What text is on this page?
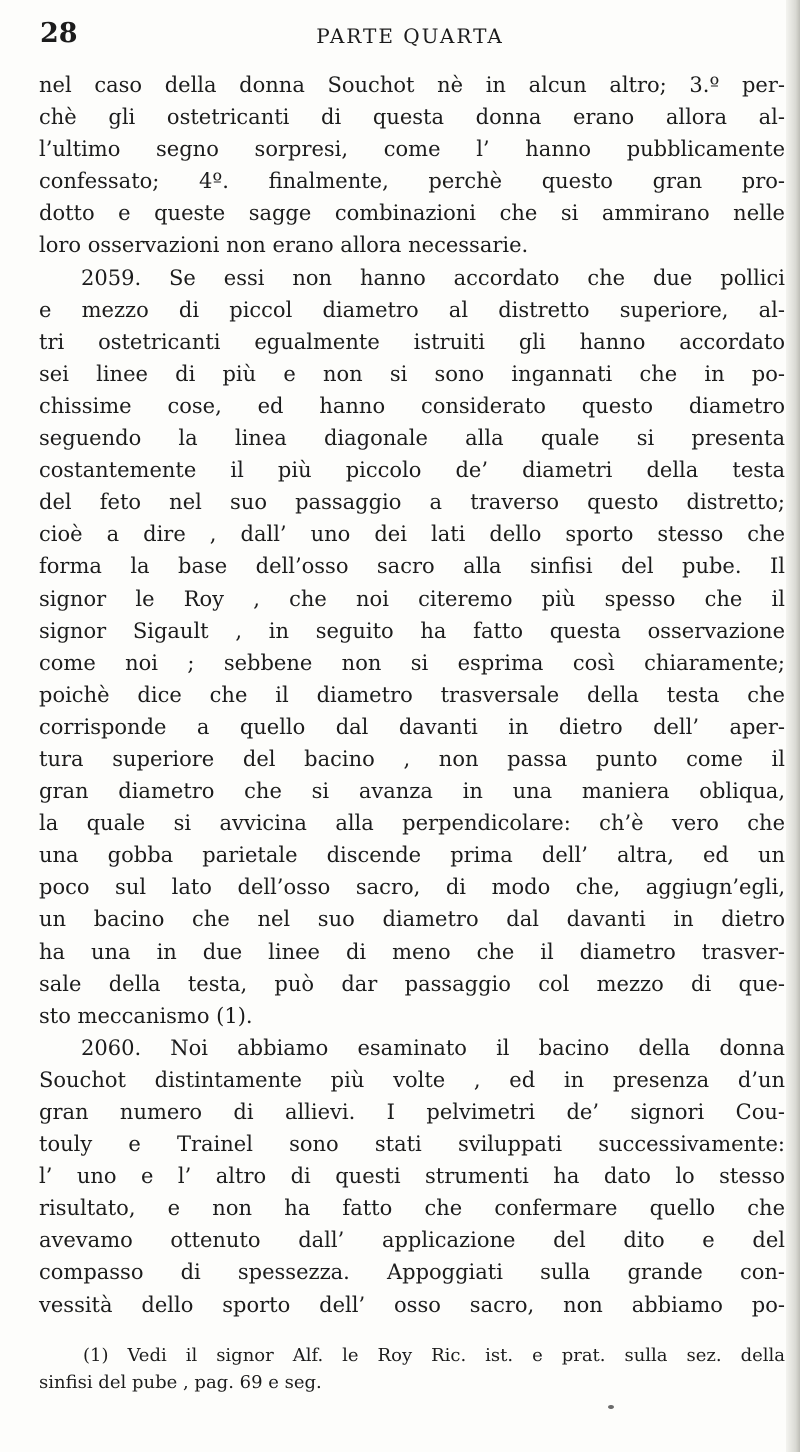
28	PARTE QUARTA
nel caso della donna Souchot nè in alcun altro; 3.º per-
chè gli ostetricanti di questa donna erano allora al-
l’ultimo segno sorpresi, come l’ hanno pubblicamente
confessato; 4º. finalmente, perchè questo gran pro-
dotto e queste sagge combinazioni che si ammirano nelle
loro osservazioni non erano allora necessarie.
2059. Se essi non hanno accordato che due pollici
e mezzo di piccol diametro al distretto superiore, al-
tri ostetricanti egualmente istruiti gli hanno accordato
sei linee di più e non si sono ingannati che in po-
chissime cose, ed hanno considerato questo diametro
seguendo la linea diagonale alla quale si presenta
costantemente il più piccolo de’ diametri della testa
del feto nel suo passaggio a traverso questo distretto;
cioè a dire , dall’ uno dei lati dello sporto stesso che
forma la base dell’osso sacro alla sinfisi del pube. Il
signor le Roy , che noi citeremo più spesso che il
signor Sigault , in seguito ha fatto questa osservazione
come noi ; sebbene non si esprima così chiaramente;
poichè dice che il diametro trasversale della testa che
corrisponde a quello dal davanti in dietro dell’ aper-
tura superiore del bacino , non passa punto come il
gran diametro che si avanza in una maniera obliqua,
la quale si avvicina alla perpendicolare: ch’è vero che
una gobba parietale discende prima dell’ altra, ed un
poco sul lato dell’osso sacro, di modo che, aggiugn’egli,
un bacino che nel suo diametro dal davanti in dietro
ha una in due linee di meno che il diametro trasver-
sale della testa, può dar passaggio col mezzo di que-
sto meccanismo (1).
2060. Noi abbiamo esaminato il bacino della donna
Souchot distintamente più volte , ed in presenza d’un
gran numero di allievi. I pelvimetri de’ signori Cou-
touly e Trainel sono stati sviluppati successivamente:
l’ uno e l’ altro di questi strumenti ha dato lo stesso
risultato, e non ha fatto che confermare quello che
avevamo ottenuto dall’ applicazione del dito e del
compasso di spessezza. Appoggiati sulla grande con-
vessità dello sporto dell’ osso sacro, non abbiamo po-
(1) Vedi il signor Alf. le Roy Ric. ist. e prat. sulla sez. della
sinfisi del pube , pag. 69 e seg.
